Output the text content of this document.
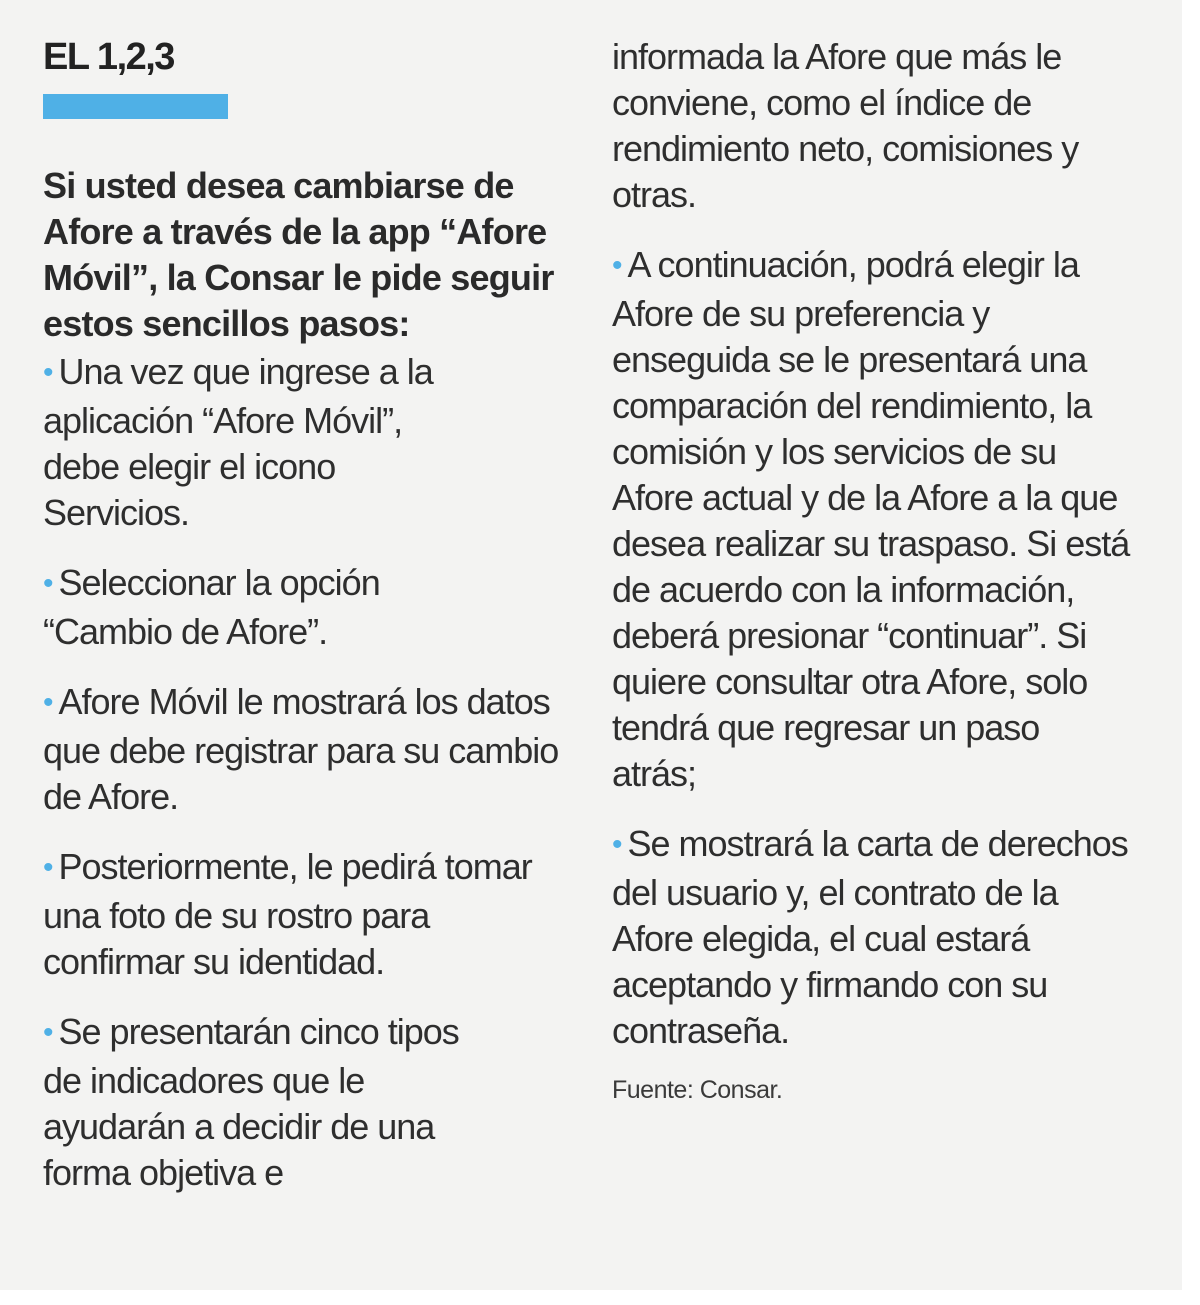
EL 1,2,3

Si usted desea cambiarse de Afore a través de la app “Afore Móvil”, la Consar le pide seguir estos sencillos pasos:

• Una vez que ingrese a la aplicación “Afore Móvil”, debe elegir el icono Servicios.

• Seleccionar la opción “Cambio de Afore”.

• Afore Móvil le mostrará los datos que debe registrar para su cambio de Afore.

• Posteriormente, le pedirá tomar una foto de su rostro para confirmar su identidad.

• Se presentarán cinco tipos de indicadores que le ayudarán a decidir de una forma objetiva e

informada la Afore que más le conviene, como el índice de rendimiento neto, comisiones y otras.

• A continuación, podrá elegir la Afore de su preferencia y enseguida se le presentará una comparación del rendimiento, la comisión y los servicios de su Afore actual y de la Afore a la que desea realizar su traspaso. Si está de acuerdo con la información, deberá presionar “continuar”. Si quiere consultar otra Afore, solo tendrá que regresar un paso atrás;

• Se mostrará la carta de derechos del usuario y, el contrato de la Afore elegida, el cual estará aceptando y firmando con su contraseña.

Fuente: Consar.
